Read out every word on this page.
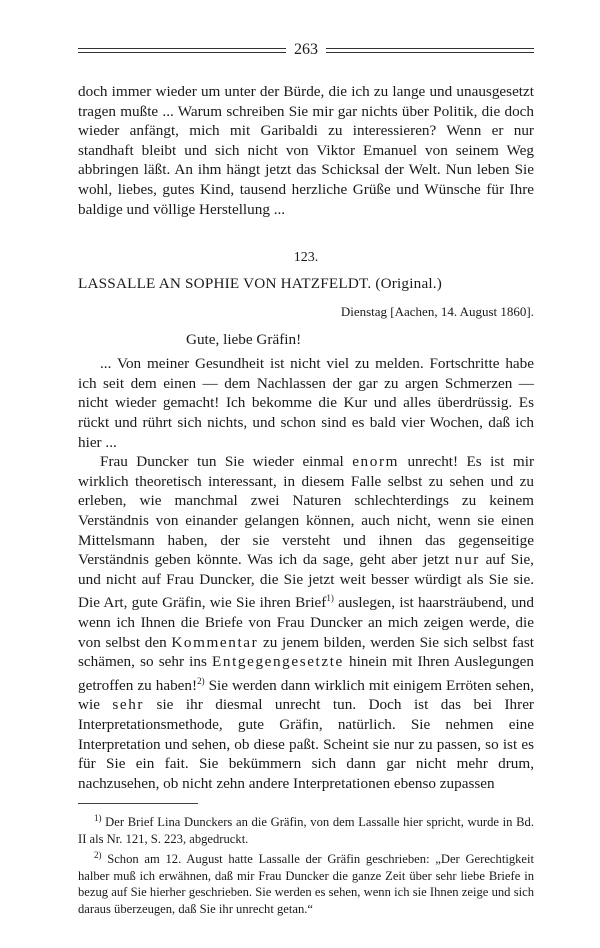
263

doch immer wieder um unter der Bürde, die ich zu lange und unausgesetzt tragen mußte ... Warum schreiben Sie mir gar nichts über Politik, die doch wieder anfängt, mich mit Garibaldi zu interessieren? Wenn er nur standhaft bleibt und sich nicht von Viktor Emanuel von seinem Weg abbringen läßt. An ihm hängt jetzt das Schicksal der Welt. Nun leben Sie wohl, liebes, gutes Kind, tausend herzliche Grüße und Wünsche für Ihre baldige und völlige Herstellung ...

123.

LASSALLE AN SOPHIE VON HATZFELDT. (Original.)

Dienstag [Aachen, 14. August 1860].

Gute, liebe Gräfin!

... Von meiner Gesundheit ist nicht viel zu melden. Fortschritte habe ich seit dem einen — dem Nachlassen der gar zu argen Schmerzen — nicht wieder gemacht! Ich bekomme die Kur und alles überdrüssig. Es rückt und rührt sich nichts, und schon sind es bald vier Wochen, daß ich hier ...

Frau Duncker tun Sie wieder einmal enorm unrecht! Es ist mir wirklich theoretisch interessant, in diesem Falle selbst zu sehen und zu erleben, wie manchmal zwei Naturen schlechterdings zu keinem Verständnis von einander gelangen können, auch nicht, wenn sie einen Mittelsmann haben, der sie versteht und ihnen das gegenseitige Verständnis geben könnte. Was ich da sage, geht aber jetzt nur auf Sie, und nicht auf Frau Duncker, die Sie jetzt weit besser würdigt als Sie sie. Die Art, gute Gräfin, wie Sie ihren Brief$^{1)}$ auslegen, ist haarsträubend, und wenn ich Ihnen die Briefe von Frau Duncker an mich zeigen werde, die von selbst den Kommentar zu jenem bilden, werden Sie sich selbst fast schämen, so sehr ins Entgegengesetzte hinein mit Ihren Auslegungen getroffen zu haben!$^{2)}$ Sie werden dann wirklich mit einigem Erröten sehen, wie sehr sie ihr diesmal unrecht tun. Doch ist das bei Ihrer Interpretationsmethode, gute Gräfin, natürlich. Sie nehmen eine Interpretation und sehen, ob diese paßt. Scheint sie nur zu passen, so ist es für Sie ein fait. Sie bekümmern sich dann gar nicht mehr drum, nachzusehen, ob nicht zehn andere Interpretationen ebenso zupassen

$^{1)}$ Der Brief Lina Dunckers an die Gräfin, von dem Lassalle hier spricht, wurde in Bd. II als Nr. 121, S. 223, abgedruckt.

$^{2)}$ Schon am 12. August hatte Lassalle der Gräfin geschrieben: „Der Gerechtigkeit halber muß ich erwähnen, daß mir Frau Duncker die ganze Zeit über sehr liebe Briefe in bezug auf Sie hierher geschrieben. Sie werden es sehen, wenn ich sie Ihnen zeige und sich daraus überzeugen, daß Sie ihr unrecht getan.“
